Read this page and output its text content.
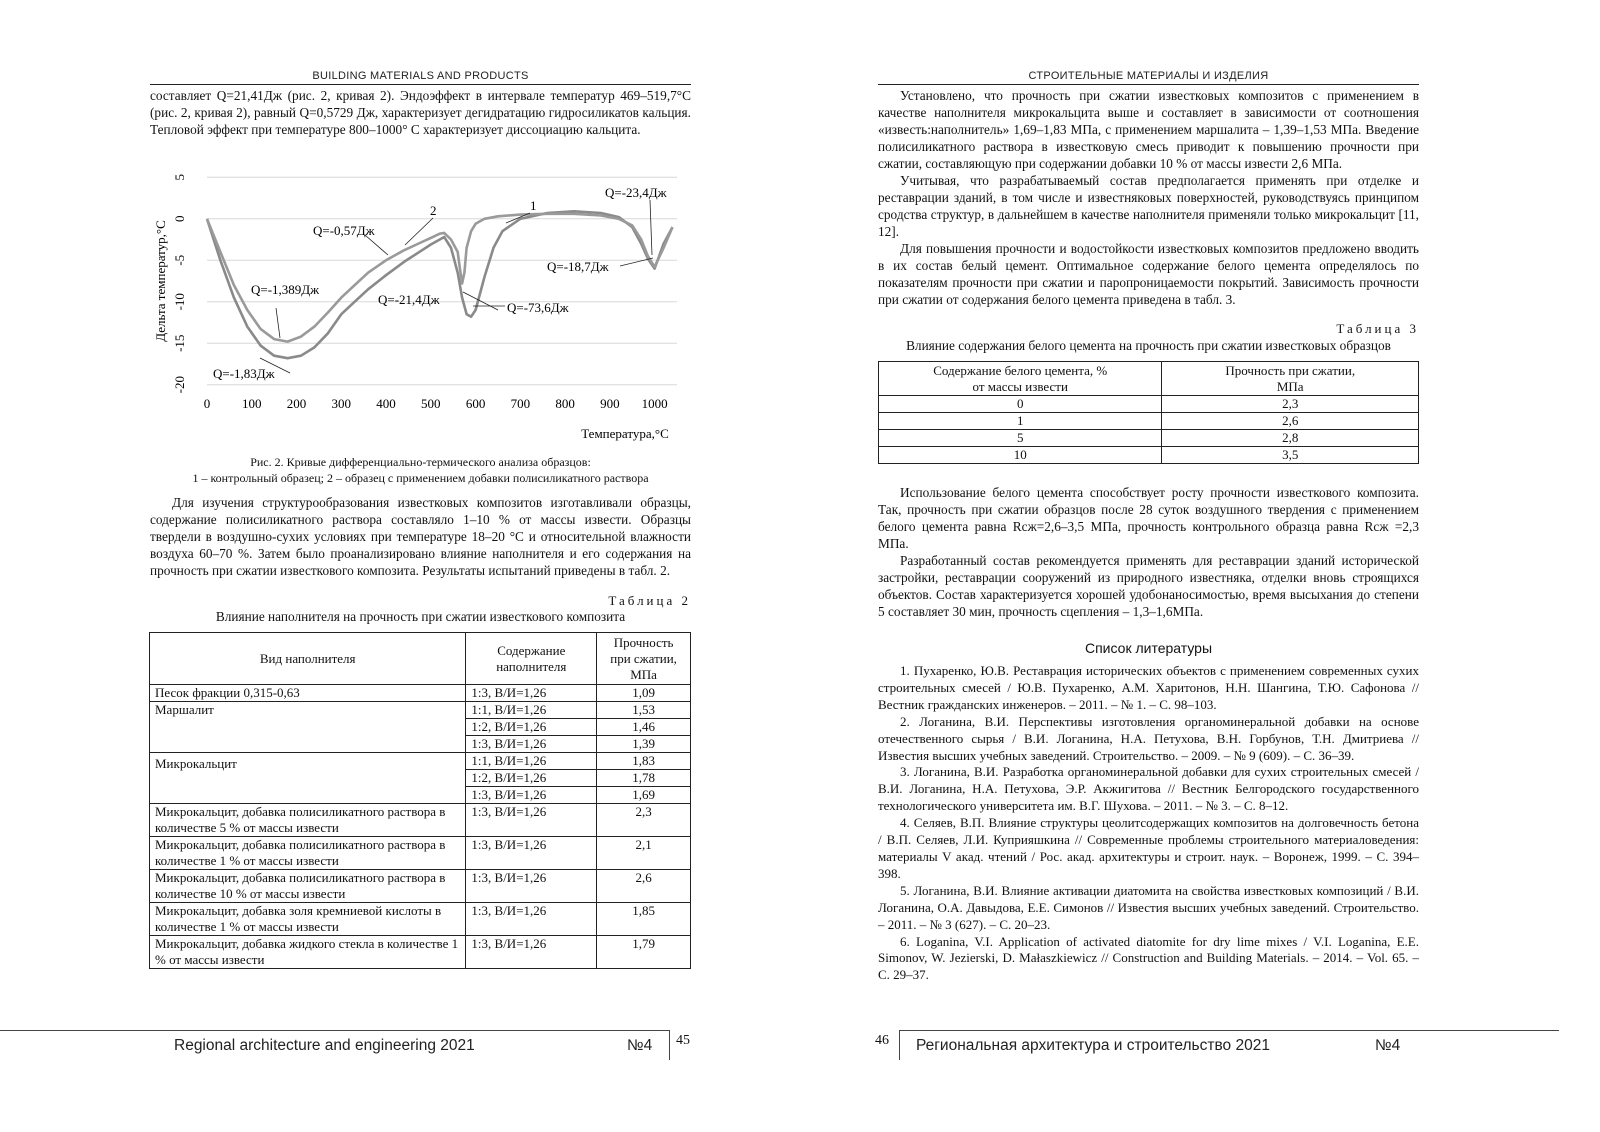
BUILDING MATERIALS AND PRODUCTS

составляет Q=21,41Дж (рис. 2, кривая 2). Эндоэффект в интервале температур 469–519,7°С (рис. 2, кривая 2), равный Q=0,5729 Дж, характеризует дегидратацию гидросиликатов кальция. Тепловой эффект при температуре 800–1000° С характеризует диссоциацию кальцита.

5
0
-5
-10
-15
-20
0 100 200 300 400 500 600 700 800 900 1000
Дельта температур,°С
Температура,°С
Q=-23,4Дж
Q=-0,57Дж
Q=-1,389Дж
Q=-21,4Дж
Q=-73,6Дж
Q=-18,7Дж
Q=-1,83Дж
2	1
Рис. 2. Кривые дифференциально-термического анализа образцов:
1 – контрольный образец; 2 – образец с применением добавки полисиликатного раствора

Для изучения структурообразования известковых композитов изготавливали образцы, содержание полисиликатного раствора составляло 1–10 % от массы извести. Образцы твердели в воздушно-сухих условиях при температуре 18–20 °С и относительной влажности воздуха 60–70 %. Затем было проанализировано влияние наполнителя и его содержания на прочность при сжатии известкового композита. Результаты испытаний приведены в табл. 2.

Таблица 2
Влияние наполнителя на прочность при сжатии известкового композита
Вид наполнителя	Содержание наполнителя	Прочность при сжатии, МПа
Песок фракции 0,315-0,63	1:3, В/И=1,26	1,09
Маршалит	1:1, В/И=1,26	1,53
	1:2, В/И=1,26	1,46
	1:3, В/И=1,26	1,39
Микрокальцит	1:1, В/И=1,26	1,83
	1:2, В/И=1,26	1,78
	1:3, В/И=1,26	1,69
Микрокальцит, добавка полисиликатного раствора в количестве 5 % от массы извести	1:3, В/И=1,26	2,3
Микрокальцит, добавка полисиликатного раствора в количестве 1 % от массы извести	1:3, В/И=1,26	2,1
Микрокальцит, добавка полисиликатного раствора в количестве 10 % от массы извести	1:3, В/И=1,26	2,6
Микрокальцит, добавка золя кремниевой кислоты в количестве 1 % от массы извести	1:3, В/И=1,26	1,85
Микрокальцит, добавка жидкого стекла в количестве 1 % от массы извести	1:3, В/И=1,26	1,79
Regional architecture and engineering 2021	№4 45
СТРОИТЕЛЬНЫЕ МАТЕРИАЛЫ И ИЗДЕЛИЯ

Установлено, что прочность при сжатии известковых композитов с применением в качестве наполнителя микрокальцита выше и составляет в зависимости от соотношения «известь:наполнитель» 1,69–1,83 МПа, с применением маршалита – 1,39–1,53 МПа. Введение полисиликатного раствора в известковую смесь приводит к повышению прочности при сжатии, составляющую при содержании добавки 10 % от массы извести 2,6 МПа.

Учитывая, что разрабатываемый состав предполагается применять при отделке и реставрации зданий, в том числе и известняковых поверхностей, руководствуясь принципом сродства структур, в дальнейшем в качестве наполнителя применяли только микрокальцит [11, 12].

Для повышения прочности и водостойкости известковых композитов предложено вводить в их состав белый цемент. Оптимальное содержание белого цемента определялось по показателям прочности при сжатии и паропроницаемости покрытий. Зависимость прочности при сжатии от содержания белого цемента приведена в табл. 3.

Таблица 3
Влияние содержания белого цемента на прочность при сжатии известковых образцов
Содержание белого цемента, % от массы извести	Прочность при сжатии, МПа
0	2,3
1	2,6
5	2,8
10	3,5

Использование белого цемента способствует росту прочности известкового композита. Так, прочность при сжатии образцов после 28 суток воздушного твердения с применением белого цемента равна Rсж=2,6–3,5 МПа, прочность контрольного образца равна Rсж =2,3 МПа.

Разработанный состав рекомендуется применять для реставрации зданий исторической застройки, реставрации сооружений из природного известняка, отделки вновь строящихся объектов. Состав характеризуется хорошей удобонаносимостью, время высыхания до степени 5 составляет 30 мин, прочность сцепления – 1,3–1,6МПа.

Список литературы

1. Пухаренко, Ю.В. Реставрация исторических объектов с применением современных сухих строительных смесей / Ю.В. Пухаренко, А.М. Харитонов, Н.Н. Шангина, Т.Ю. Сафонова // Вестник гражданских инженеров. – 2011. – № 1. – С. 98–103.

2. Логанина, В.И. Перспективы изготовления органоминеральной добавки на основе отечественного сырья / В.И. Логанина, Н.А. Петухова, В.Н. Горбунов, Т.Н. Дмитриева // Известия высших учебных заведений. Строительство. – 2009. – № 9 (609). – С. 36–39.

3. Логанина, В.И. Разработка органоминеральной добавки для сухих строительных смесей / В.И. Логанина, Н.А. Петухова, Э.Р. Акжигитова // Вестник Белгородского государственного технологического университета им. В.Г. Шухова. – 2011. – № 3. – С. 8–12.

4. Селяев, В.П. Влияние структуры цеолитсодержащих композитов на долговечность бетона / В.П. Селяев, Л.И. Куприяшкина // Современные проблемы строительного материаловедения: материалы V акад. чтений / Рос. акад. архитектуры и строит. наук. – Воронеж, 1999. – С. 394–398.

5. Логанина, В.И. Влияние активации диатомита на свойства известковых композиций / В.И. Логанина, О.А. Давыдова, Е.Е. Симонов // Известия высших учебных заведений. Строительство. – 2011. – № 3 (627). – С. 20–23.

6. Loganina, V.I. Application of activated diatomite for dry lime mixes / V.I. Loganina, E.E. Simonov, W. Jezierski, D. Małaszkiewicz // Construction and Building Materials. – 2014. – Vol. 65. – С. 29–37.

46 Региональная архитектура и строительство 2021	№4
